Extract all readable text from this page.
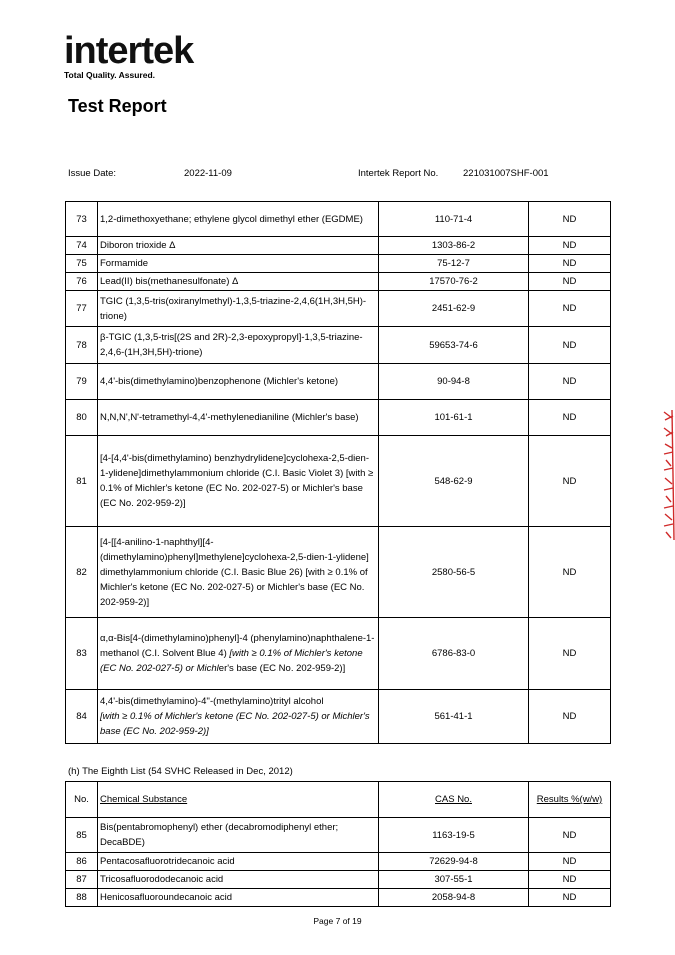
intertek
Total Quality. Assured.
Test Report
Issue Date:	2022-11-09	Intertek Report No.	221031007SHF-001
73	1,2-dimethoxyethane; ethylene glycol dimethyl ether (EGDME)	110-71-4	ND
74	Diboron trioxide Δ	1303-86-2	ND
75	Formamide	75-12-7	ND
76	Lead(II) bis(methanesulfonate) Δ	17570-76-2	ND
77	TGIC (1,3,5-tris(oxiranylmethyl)-1,3,5-triazine-2,4,6(1H,3H,5H)-trione)	2451-62-9	ND
78	β-TGIC (1,3,5-tris[(2S and 2R)-2,3-epoxypropyl]-1,3,5-triazine-2,4,6-(1H,3H,5H)-trione)	59653-74-6	ND
79	4,4'-bis(dimethylamino)benzophenone (Michler's ketone)	90-94-8	ND
80	N,N,N',N'-tetramethyl-4,4'-methylenedianiline (Michler's base)	101-61-1	ND
81	[4-[4,4'-bis(dimethylamino) benzhydrylidene]cyclohexa-2,5-dien-1-ylidene]dimethylammonium chloride (C.I. Basic Violet 3) [with ≥ 0.1% of Michler's ketone (EC No. 202-027-5) or Michler's base (EC No. 202-959-2)]	548-62-9	ND
82	[4-[[4-anilino-1-naphthyl][4-(dimethylamino)phenyl]methylene]cyclohexa-2,5-dien-1-ylidene] dimethylammonium chloride (C.I. Basic Blue 26) [with ≥ 0.1% of Michler's ketone (EC No. 202-027-5) or Michler's base (EC No. 202-959-2)]	2580-56-5	ND
83	α,α-Bis[4-(dimethylamino)phenyl]-4 (phenylamino)naphthalene-1-methanol (C.I. Solvent Blue 4) [with ≥ 0.1% of Michler's ketone (EC No. 202-027-5) or Michler's base (EC No. 202-959-2)]	6786-83-0	ND
84	4,4'-bis(dimethylamino)-4''-(methylamino)trityl alcohol
[with ≥ 0.1% of Michler's ketone (EC No. 202-027-5) or Michler's base (EC No. 202-959-2)]	561-41-1	ND
(h) The Eighth List (54 SVHC Released in Dec, 2012)
No.	Chemical Substance	CAS No.	Results %(w/w)
85	Bis(pentabromophenyl) ether (decabromodiphenyl ether; DecaBDE)	1163-19-5	ND
86	Pentacosafluorotridecanoic acid	72629-94-8	ND
87	Tricosafluorododecanoic acid	307-55-1	ND
88	Henicosafluoroundecanoic acid	2058-94-8	ND
Page 7 of 19
